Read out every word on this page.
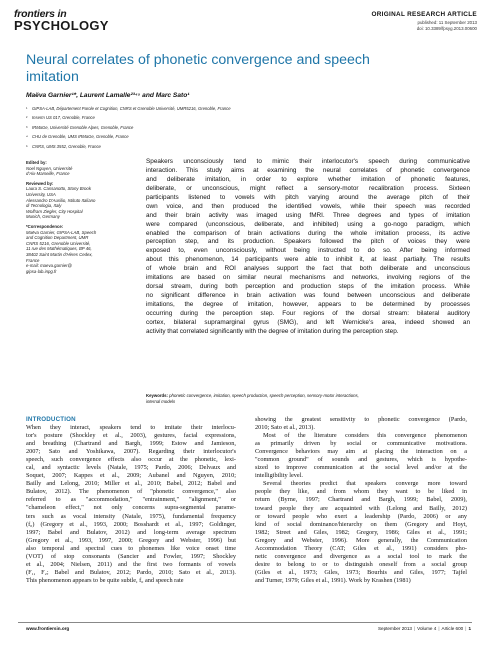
frontiers in
PSYCHOLOGY
ORIGINAL RESEARCH ARTICLE
published: 11 September 2013
doi: 10.3389/fpsyg.2013.00600
Neural correlates of phonetic convergence and speech
imitation
Maëva Garnier¹*, Laurent Lamalle²³⁴⁵ and Marc Sato¹
¹ GIPSA-LAB, Département Parole et Cognition, CNRS et Grenoble Université, UMR5216, Grenoble, France
² Inserm US 017, Grenoble, France
³ IRMaGe, Université Grenoble Alpes, Grenoble, France
⁴ CHU de Grenoble, UMS IRMaGe, Grenoble, France
⁵ CNRS, UMS 3552, Grenoble, France
Edited by:
Noel Nguyen, Université
d'Aix-Marseille, France
Reviewed by:
Laura S. Cassanotto, Stony Brook
University, USA
Alessandro D'Ausilio, Istituto Italiano
di Tecnologia, Italy
Wolfram Ziegler, City Hospital
Munich, Germany
*Correspondence:
Maëva Garnier, GIPSA-LAB, Speech
and Cognition Department, UMR
CNRS 5216, Grenoble Université,
11 rue des Mathématiques, BP 46,
38402 Saint Martin d'Hères Cedex,
France
e-mail: maeva.garnier@
gipsa-lab.inpg.fr
Speakers unconsciously tend to mimic their interlocutor's speech during communicative
interaction. This study aims at examining the neural correlates of phonetic convergence
and deliberate imitation, in order to explore whether imitation of phonetic features,
deliberate, or unconscious, might reflect a sensory-motor recalibration process. Sixteen
participants listened to vowels with pitch varying around the average pitch of their
own voice, and then produced the identified vowels, while their speech was recorded
and their brain activity was imaged using fMRI. Three degrees and types of imitation
were compared (unconscious, deliberate, and inhibited) using a go-nogo paradigm, which
enabled the comparison of brain activations during the whole imitation process, its active
perception step, and its production. Speakers followed the pitch of voices they were
exposed to, even unconsciously, without being instructed to do so. After being informed
about this phenomenon, 14 participants were able to inhibit it, at least partially. The results
of whole brain and ROI analyses support the fact that both deliberate and unconscious
imitations are based on similar neural mechanisms and networks, involving regions of the
dorsal stream, during both perception and production steps of the imitation process. While
no significant difference in brain activation was found between unconscious and deliberate
imitations, the degree of imitation, however, appears to be determined by processes
occurring during the perception step. Four regions of the dorsal stream: bilateral auditory
cortex, bilateral supramarginal gyrus (SMG), and left Wernicke's area, indeed showed an
activity that correlated significantly with the degree of imitation during the perception step.
Keywords: phonetic convergence, imitation, speech production, speech perception, sensory-motor interactions,
internal models
INTRODUCTION
When they interact, speakers tend to imitate their interlocu-
tor's posture (Shockley et al., 2003), gestures, facial expressions,
and breathing (Chartrand and Bargh, 1999; Estow and Jamieson,
2007; Sato and Yoshikawa, 2007). Regarding their interlocutor's
speech, such convergence effects also occur at the phonetic, lexi-
cal, and syntactic levels (Natale, 1975; Pardo, 2006; Delvaux and
Soquet, 2007; Kappes et al., 2009; Aubanel and Nguyen, 2010;
Bailly and Lelong, 2010; Miller et al., 2010; Babel, 2012; Babel and
Bulatov, 2012). The phenomenon of "phonetic convergence," also
referred to as "accommodation," "entrainment," "alignment," or
"chameleon effect," not only concerns supra-segmental parame-
ters such as vocal intensity (Natale, 1975), fundamental frequency
(f₀) (Gregory et al., 1993, 2000; Bosshardt et al., 1997; Goldinger,
1997; Babel and Bulatov, 2012) and long-term average spectrum
(Gregory et al., 1993, 1997, 2000; Gregory and Webster, 1996) but
also temporal and spectral cues to phonemes like voice onset time
(VOT) of stop consonants (Sancier and Fowler, 1997; Shockley
et al., 2004; Nielsen, 2011) and the first two formants of vowels
(F₁, F₂; Babel and Bulatov, 2012; Pardo, 2010; Sato et al., 2013).
This phenomenon appears to be quite subtle, f₀ and speech rate
showing the greatest sensitivity to phonetic convergence (Pardo,
2010; Sato et al., 2013).
Most of the literature considers this convergence phenomenon
as primarily driven by social or communicative motivations.
Convergence behaviors may aim at placing the interaction on a
"common ground" of sounds and gestures, which is hypothe-
sized to improve communication at the social level and/or at the
intelligibility level.
Several theories predict that speakers converge more toward
people they like, and from whom they want to be liked in
return (Byrne, 1997; Chartrand and Bargh, 1999; Babel, 2009),
toward people they are acquainted with (Lelong and Bailly, 2012)
or toward people who exert a leadership (Pardo, 2006) or any
kind of social dominance/hierarchy on them (Gregory and Hoyt,
1982; Street and Giles, 1982; Gregory, 1986; Giles et al., 1991;
Gregory and Webster, 1996). More generally, the Communication
Accommodation Theory (CAT; Giles et al., 1991) considers pho-
netic convergence and divergence as a social tool to mark the
desire to belong to or to distinguish oneself from a social group
(Giles et al., 1973; Giles, 1973; Bourhis and Giles, 1977; Tajfel
and Turner, 1979; Giles et al., 1991). Work by Krashen (1981)
www.frontiersin.org	September 2013 | Volume 4 | Article 600 | 1
